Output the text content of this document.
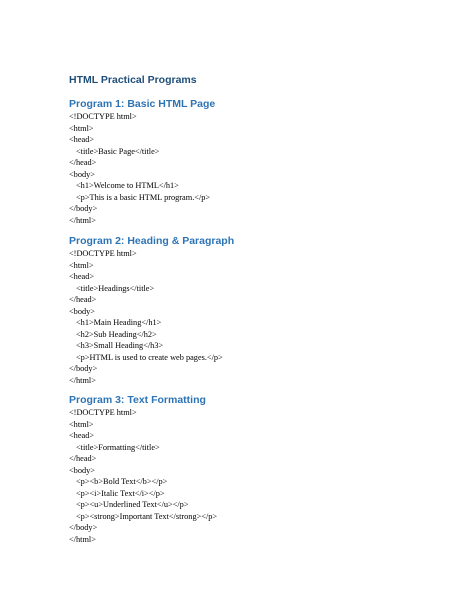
HTML Practical Programs
Program 1: Basic HTML Page
<!DOCTYPE html>
<html>
<head>
<title>Basic Page</title>
</head>
<body>
<h1>Welcome to HTML</h1>
<p>This is a basic HTML program.</p>
</body>
</html>
Program 2: Heading & Paragraph
<!DOCTYPE html>
<html>
<head>
<title>Headings</title>
</head>
<body>
<h1>Main Heading</h1>
<h2>Sub Heading</h2>
<h3>Small Heading</h3>
<p>HTML is used to create web pages.</p>
</body>
</html>
Program 3: Text Formatting
<!DOCTYPE html>
<html>
<head>
<title>Formatting</title>
</head>
<body>
<p><b>Bold Text</b></p>
<p><i>Italic Text</i></p>
<p><u>Underlined Text</u></p>
<p><strong>Important Text</strong></p>
</body>
</html>
